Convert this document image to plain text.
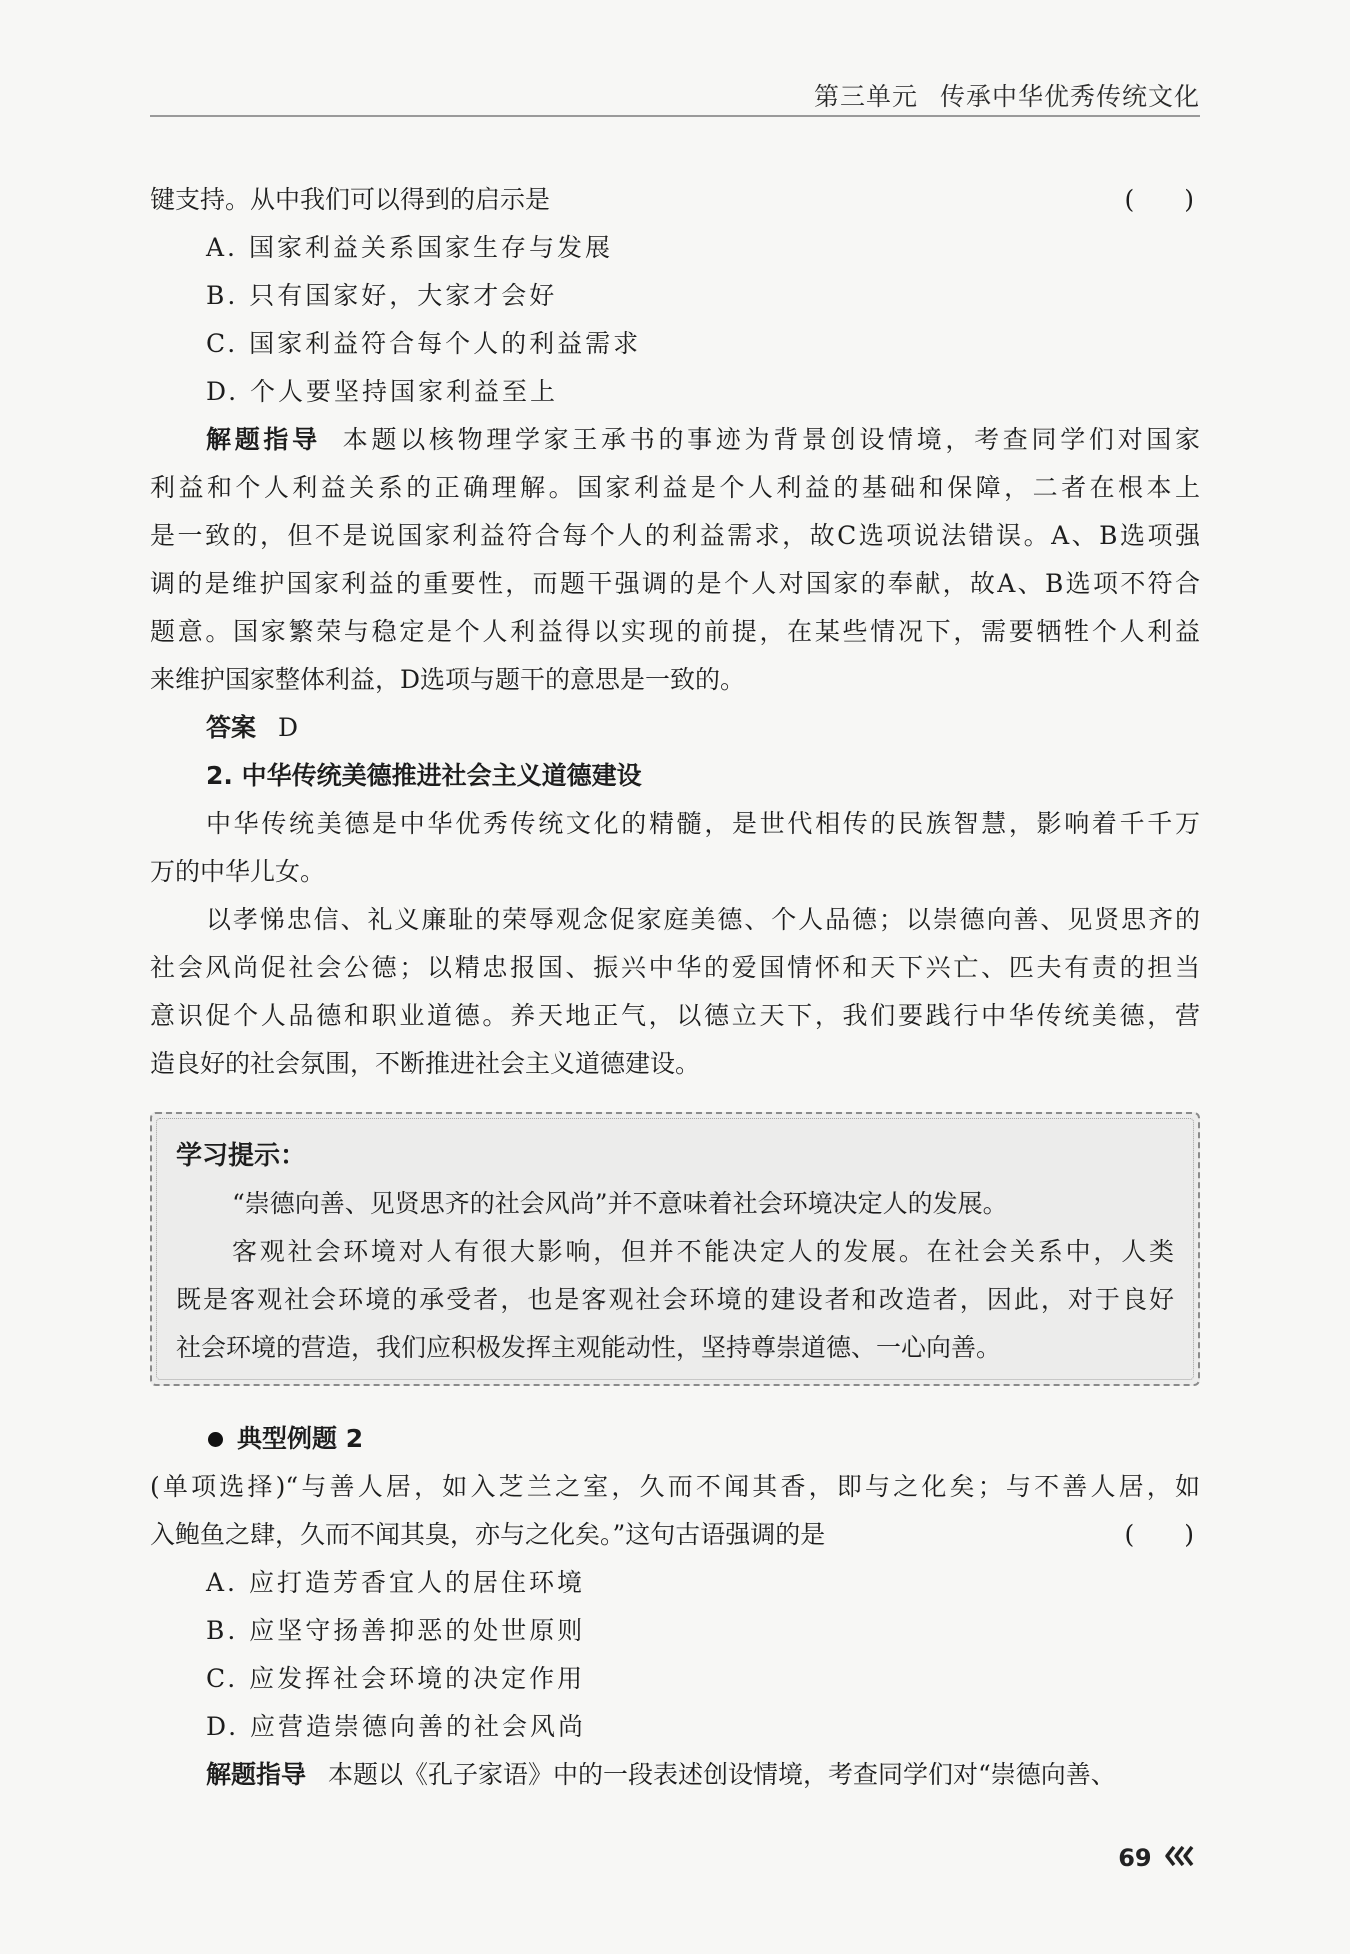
第三单元 传承中华优秀传统文化
键支持。从中我们可以得到的启示是	(　　)
A. 国家利益关系国家生存与发展
B. 只有国家好，大家才会好
C. 国家利益符合每个人的利益需求
D. 个人要坚持国家利益至上
解题指导 本题以核物理学家王承书的事迹为背景创设情境，考查同学们对国家
利益和个人利益关系的正确理解。国家利益是个人利益的基础和保障，二者在根本上
是一致的，但不是说国家利益符合每个人的利益需求，故C选项说法错误。A、B选项强
调的是维护国家利益的重要性，而题干强调的是个人对国家的奉献，故A、B选项不符合
题意。国家繁荣与稳定是个人利益得以实现的前提，在某些情况下，需要牺牲个人利益
来维护国家整体利益，D选项与题干的意思是一致的。
答案 D
2. 中华传统美德推进社会主义道德建设
中华传统美德是中华优秀传统文化的精髓，是世代相传的民族智慧，影响着千千万
万的中华儿女。
以孝悌忠信、礼义廉耻的荣辱观念促家庭美德、个人品德；以崇德向善、见贤思齐的
社会风尚促社会公德；以精忠报国、振兴中华的爱国情怀和天下兴亡、匹夫有责的担当
意识促个人品德和职业道德。养天地正气，以德立天下，我们要践行中华传统美德，营
造良好的社会氛围，不断推进社会主义道德建设。
学习提示：
“崇德向善、见贤思齐的社会风尚”并不意味着社会环境决定人的发展。
客观社会环境对人有很大影响，但并不能决定人的发展。在社会关系中，人类
既是客观社会环境的承受者，也是客观社会环境的建设者和改造者，因此，对于良好
社会环境的营造，我们应积极发挥主观能动性，坚持尊崇道德、一心向善。
典型例题 2
(单项选择)“与善人居，如入芝兰之室，久而不闻其香，即与之化矣；与不善人居，如
入鲍鱼之肆，久而不闻其臭，亦与之化矣。”这句古语强调的是	(　　)
A. 应打造芳香宜人的居住环境
B. 应坚守扬善抑恶的处世原则
C. 应发挥社会环境的决定作用
D. 应营造崇德向善的社会风尚
解题指导 本题以《孔子家语》中的一段表述创设情境，考查同学们对“崇德向善、
69
